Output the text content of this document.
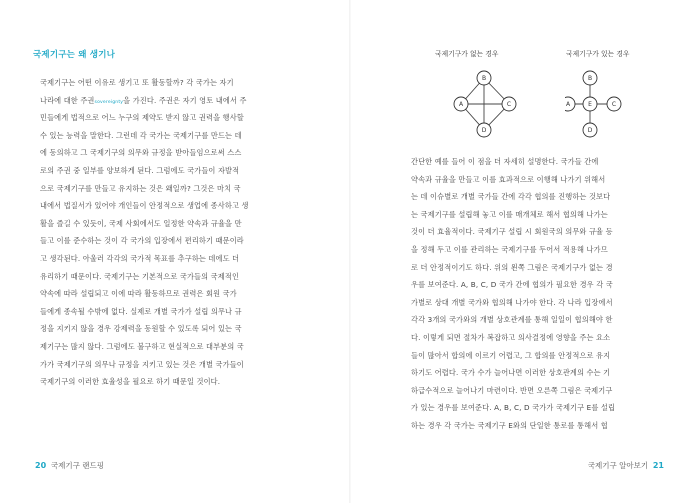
국제기구는 왜 생기나
국제기구는 어떤 이유로 생기고 또 활동할까? 각 국가는 자기
나라에 대한 주권sovereignty을 가진다. 주권은 자기 영토 내에서 주
민들에게 법적으로 어느 누구의 제약도 받지 않고 권력을 행사할
수 있는 능력을 말한다. 그런데 각 국가는 국제기구를 만드는 데
에 동의하고 그 국제기구의 의무와 규정을 받아들임으로써 스스
로의 주권 중 일부를 양보하게 된다. 그럼에도 국가들이 자발적
으로 국제기구를 만들고 유지하는 것은 왜일까? 그것은 마치 국
내에서 법질서가 있어야 개인들이 안정적으로 생업에 종사하고 생
활을 즐길 수 있듯이, 국제 사회에서도 일정한 약속과 규율을 만
들고 이를 준수하는 것이 각 국가의 입장에서 편리하기 때문이라
고 생각된다. 아울러 각각의 국가적 목표를 추구하는 데에도 더
유리하기 때문이다. 국제기구는 기본적으로 국가들의 국제적인
약속에 따라 설립되고 이에 따라 활동하므로 권력은 회원 국가
들에게 종속될 수밖에 없다. 실제로 개별 국가가 설립 의무나 규
정을 지키지 않을 경우 강제력을 동원할 수 있도록 되어 있는 국
제기구는 많지 않다. 그럼에도 불구하고 현실적으로 대부분의 국
가가 국제기구의 의무나 규정을 지키고 있는 것은 개별 국가들이
국제기구의 이러한 효율성을 필요로 하기 때문일 것이다.
20 국제기구 랜드핑

국제기구가 없는 경우	국제기구가 있는 경우

B
A	C
D
B
A	E	C
D
간단한 예를 들어 이 점을 더 자세히 설명한다. 국가들 간에
약속과 규율을 만들고 이를 효과적으로 이행해 나가기 위해서
는 데 이슈별로 개별 국가들 간에 각각 협의를 진행하는 것보다
는 국제기구를 설립해 놓고 이를 매개체로 해서 협의해 나가는
것이 더 효율적이다. 국제기구 설립 시 회원국의 의무와 규율 등
을 정해 두고 이를 관리하는 국제기구를 두어서 적용해 나가므
로 더 안정적이기도 하다. 위의 왼쪽 그림은 국제기구가 없는 경
우를 보여준다. A, B, C, D 국가 간에 협의가 필요한 경우 각 국
가별로 상대 개별 국가와 협의해 나가야 한다. 각 나라 입장에서
각각 3개의 국가와의 개별 상호관계를 통해 일일이 협의해야 한
다. 이렇게 되면 절차가 복잡하고 의사결정에 영향을 주는 요소
들이 많아서 합의에 이르기 어렵고, 그 합의를 안정적으로 유지
하기도 어렵다. 국가 수가 늘어나면 이러한 상호관계의 수는 기
하급수적으로 늘어나기 마련이다. 반면 오른쪽 그림은 국제기구
가 있는 경우를 보여준다. A, B, C, D 국가가 국제기구 E를 설립
하는 경우 각 국가는 국제기구 E와의 단일한 통로를 통해서 협
국제기구 알아보기 21
